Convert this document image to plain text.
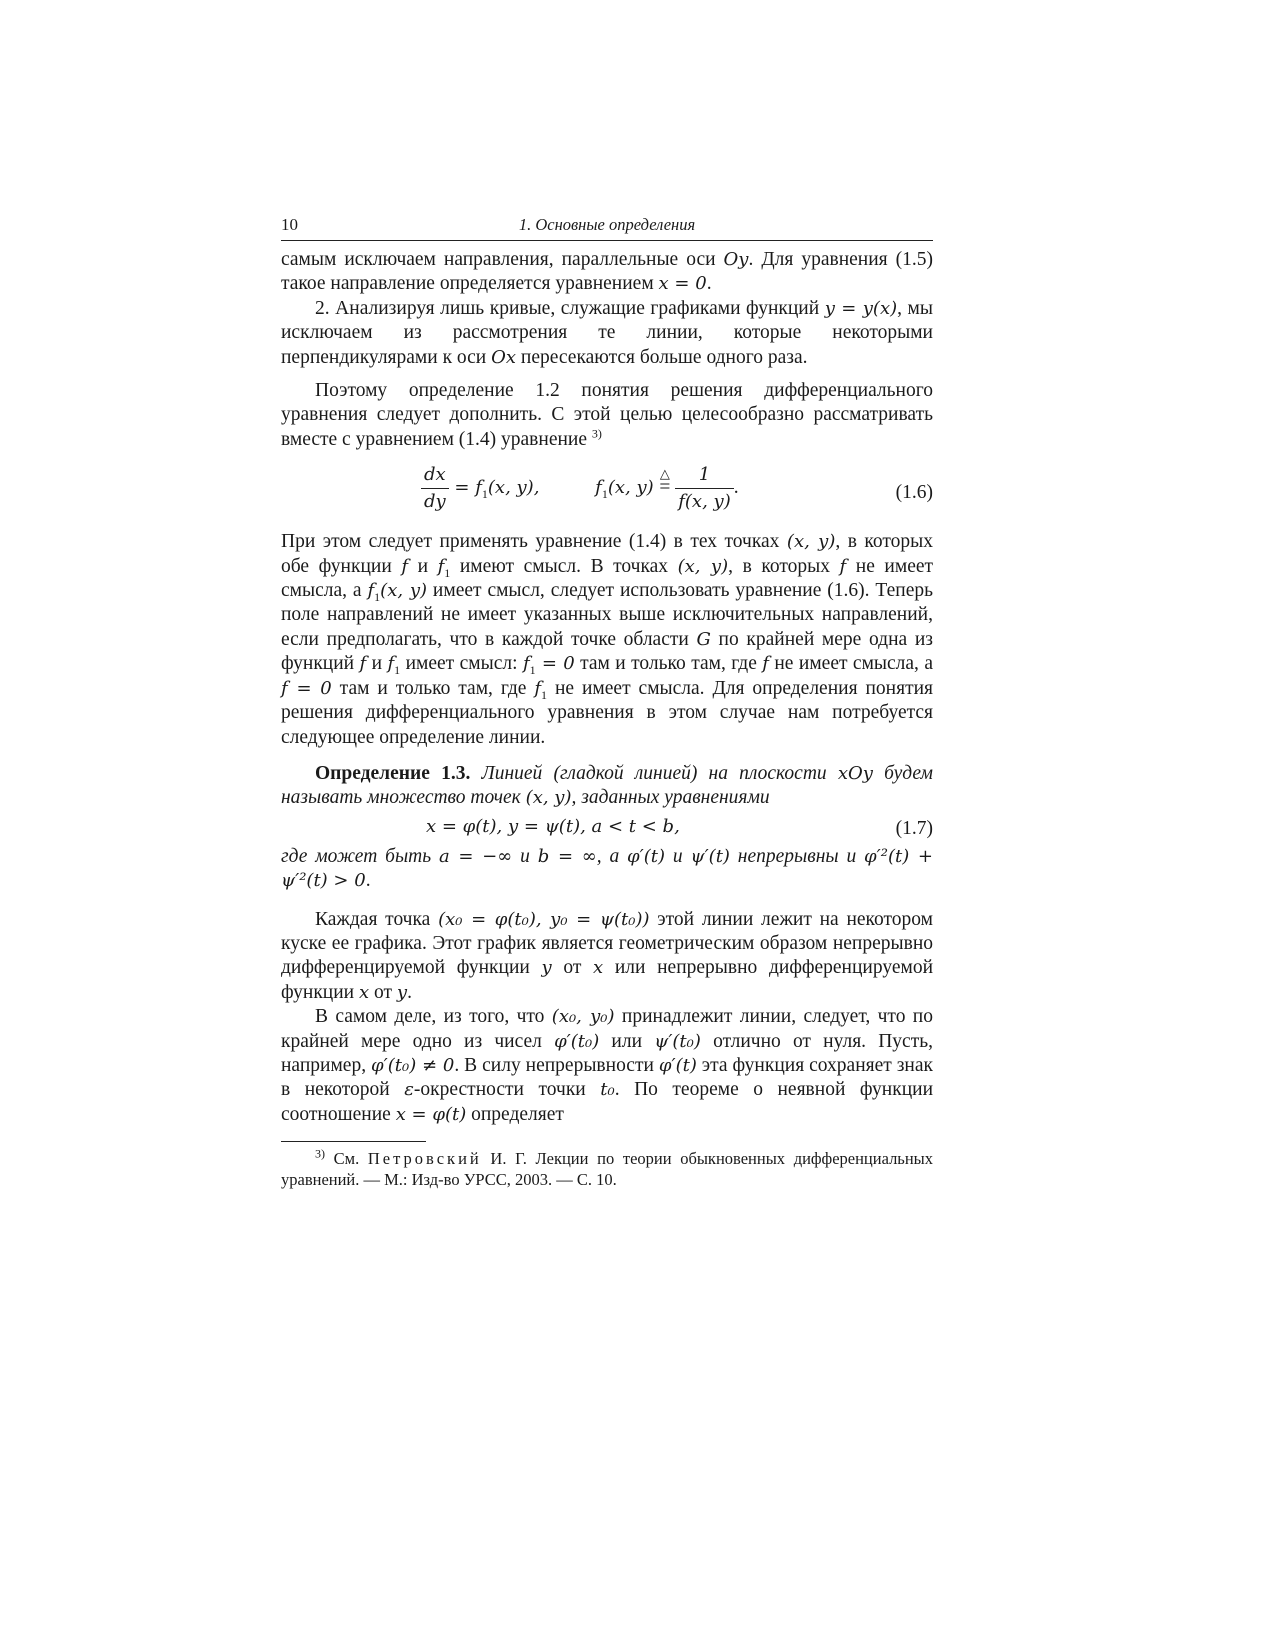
10	1. Основные определения

самым исключаем направления, параллельные оси Oy. Для уравнения (1.5) такое направление определяется уравнением x = 0.

2. Анализируя лишь кривые, служащие графиками функций y = y(x), мы исключаем из рассмотрения те линии, которые некоторыми перпендикулярами к оси Ox пересекаются больше одного раза.

Поэтому определение 1.2 понятия решения дифференциального уравнения следует дополнить. С этой целью целесообразно рассматривать вместе с уравнением (1.4) уравнение $^{3)}$

$\frac{dx}{dy} = f_1(x$, y),	$f_1(x$, y)
△
= $\frac{1}{f(x, y)}$ .	(1.6)

При этом следует применять уравнение (1.4) в тех точках (x, y), в которых обе функции f и $f_1$ имеют смысл. В точках (x, y), в которых f не имеет смысла, а $f_1(x$, y) имеет смысл, следует использовать уравнение (1.6). Теперь поле направлений не имеет указанных выше исключительных направлений, если предполагать, что в каждой точке области G по крайней мере одна из функций f и $f_1$ имеет смысл: $f_1 = 0$ там и только там, где f не имеет смысла, а f = 0 там и только там, где $f_1$ не имеет смысла. Для определения понятия решения дифференциального уравнения в этом случае нам потребуется следующее определение линии.

Определение 1.3. Линией (гладкой линией) на плоскости xOy будем называть множество точек (x, y), заданных уравнениями

x = φ(t), y = ψ(t), a < t < b,	(1.7)

где может быть a = −∞ и b = ∞, а φ′(t) и ψ′(t) непрерывны и φ′²(t) + ψ′²(t) > 0.

Каждая точка (x₀ = φ(t₀), y₀ = ψ(t₀)) этой линии лежит на некотором куске ее графика. Этот график является геометрическим образом непрерывно дифференцируемой функции y от x или непрерывно дифференцируемой функции x от y.

В самом деле, из того, что (x₀, y₀) принадлежит линии, следует, что по крайней мере одно из чисел φ′(t₀) или ψ′(t₀) отлично от нуля. Пусть, например, φ′(t₀) ≠ 0. В силу непрерывности φ′(t) эта функция сохраняет знак в некоторой ε-окрестности точки t₀. По теореме о неявной функции соотношение x = φ(t) определяет

$^{3)}$ См. Петровский И. Г. Лекции по теории обыкновенных дифференциальных уравнений. — М.: Изд-во УРСС, 2003. — С. 10.
